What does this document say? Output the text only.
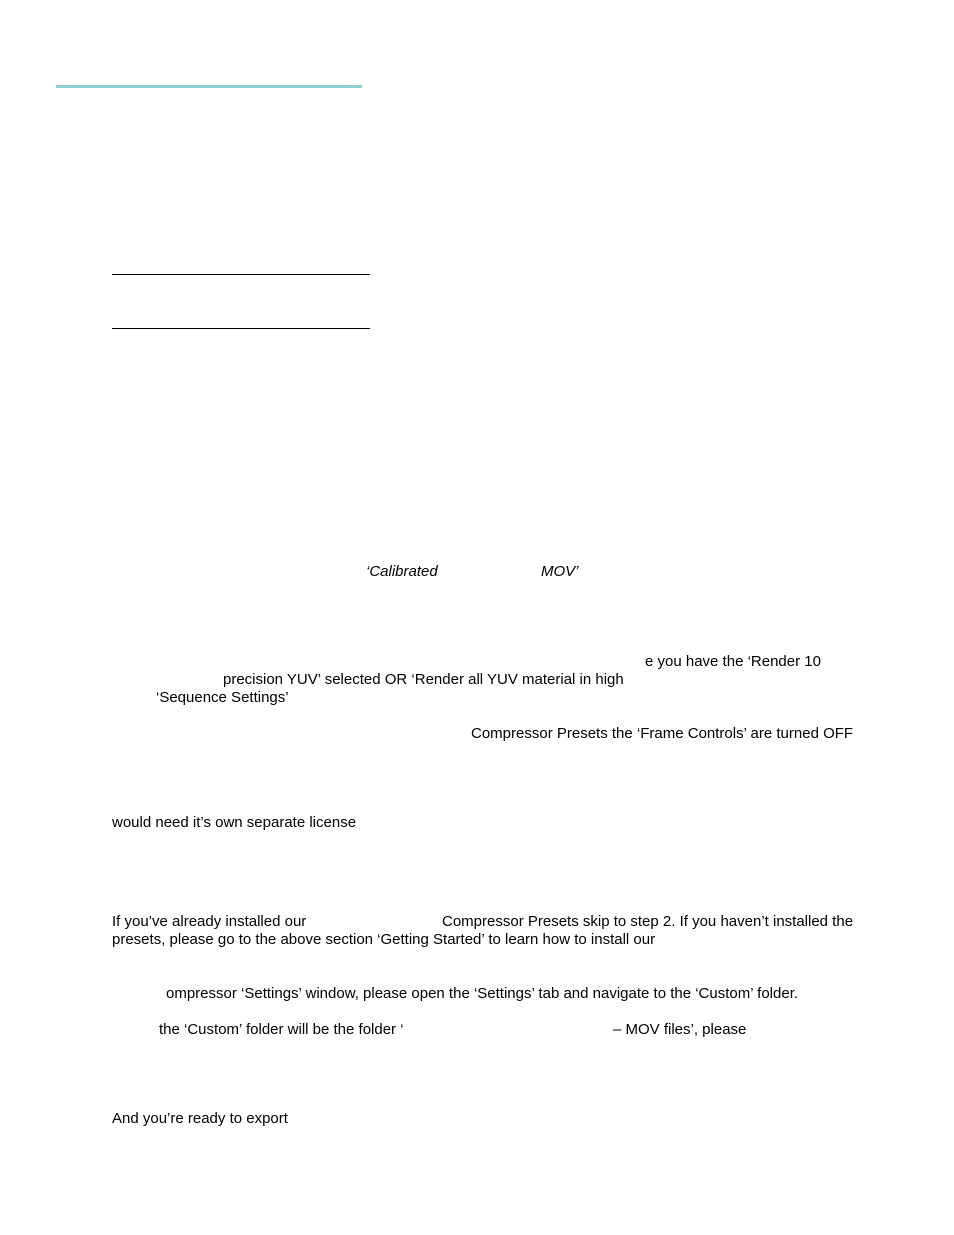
‘Calibrated	MOV’

e you have the ‘Render 10

precision YUV’ selected OR ‘Render all YUV material in high

‘Sequence Settings’

Compressor Presets the ‘Frame Controls’ are turned OFF

would need it’s own separate license

If you’ve already installed our	Compressor Presets skip to step 2. If you haven’t installed the

presets, please go to the above section ‘Getting Started’ to learn how to install our

ompressor ‘Settings’ window, please open the ‘Settings’ tab and navigate to the ‘Custom’ folder.

the ‘Custom’ folder will be the folder ‘	– MOV files’, please

And you’re ready to export
